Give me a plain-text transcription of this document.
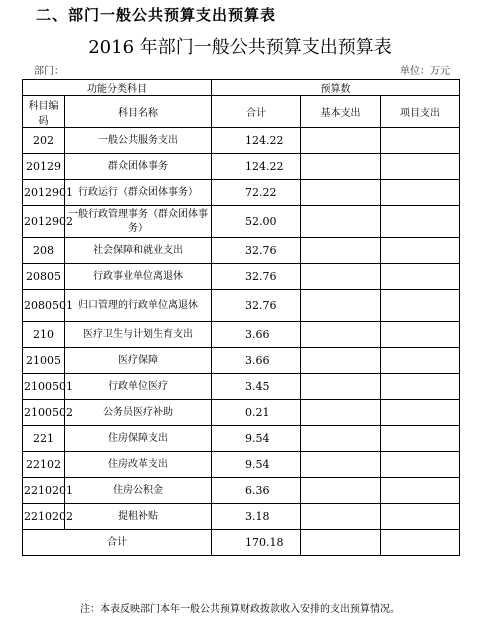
二、部门一般公共预算支出预算表
2016 年部门一般公共预算支出预算表
部门：	单位：万元
功能分类科目		预算数		
科目编码	科目名称	合计	基本支出	项目支出
202	一般公共服务支出	124.22		
20129	群众团体事务	124.22		
2012901	行政运行（群众团体事务）	72.22		
2012902	一般行政管理事务（群众团体事务）	52.00		
208	社会保障和就业支出	32.76		
20805	行政事业单位离退休	32.76		
2080501	归口管理的行政单位离退休	32.76		
210	医疗卫生与计划生育支出	3.66		
21005	医疗保障	3.66		
2100501	行政单位医疗	3.45		
2100502	公务员医疗补助	0.21		
221	住房保障支出	9.54		
22102	住房改革支出	9.54		
2210201	住房公积金	6.36		
2210202	提租补贴	3.18		
合计		170.18		
注：本表反映部门本年一般公共预算财政拨款收入安排的支出预算情况。
